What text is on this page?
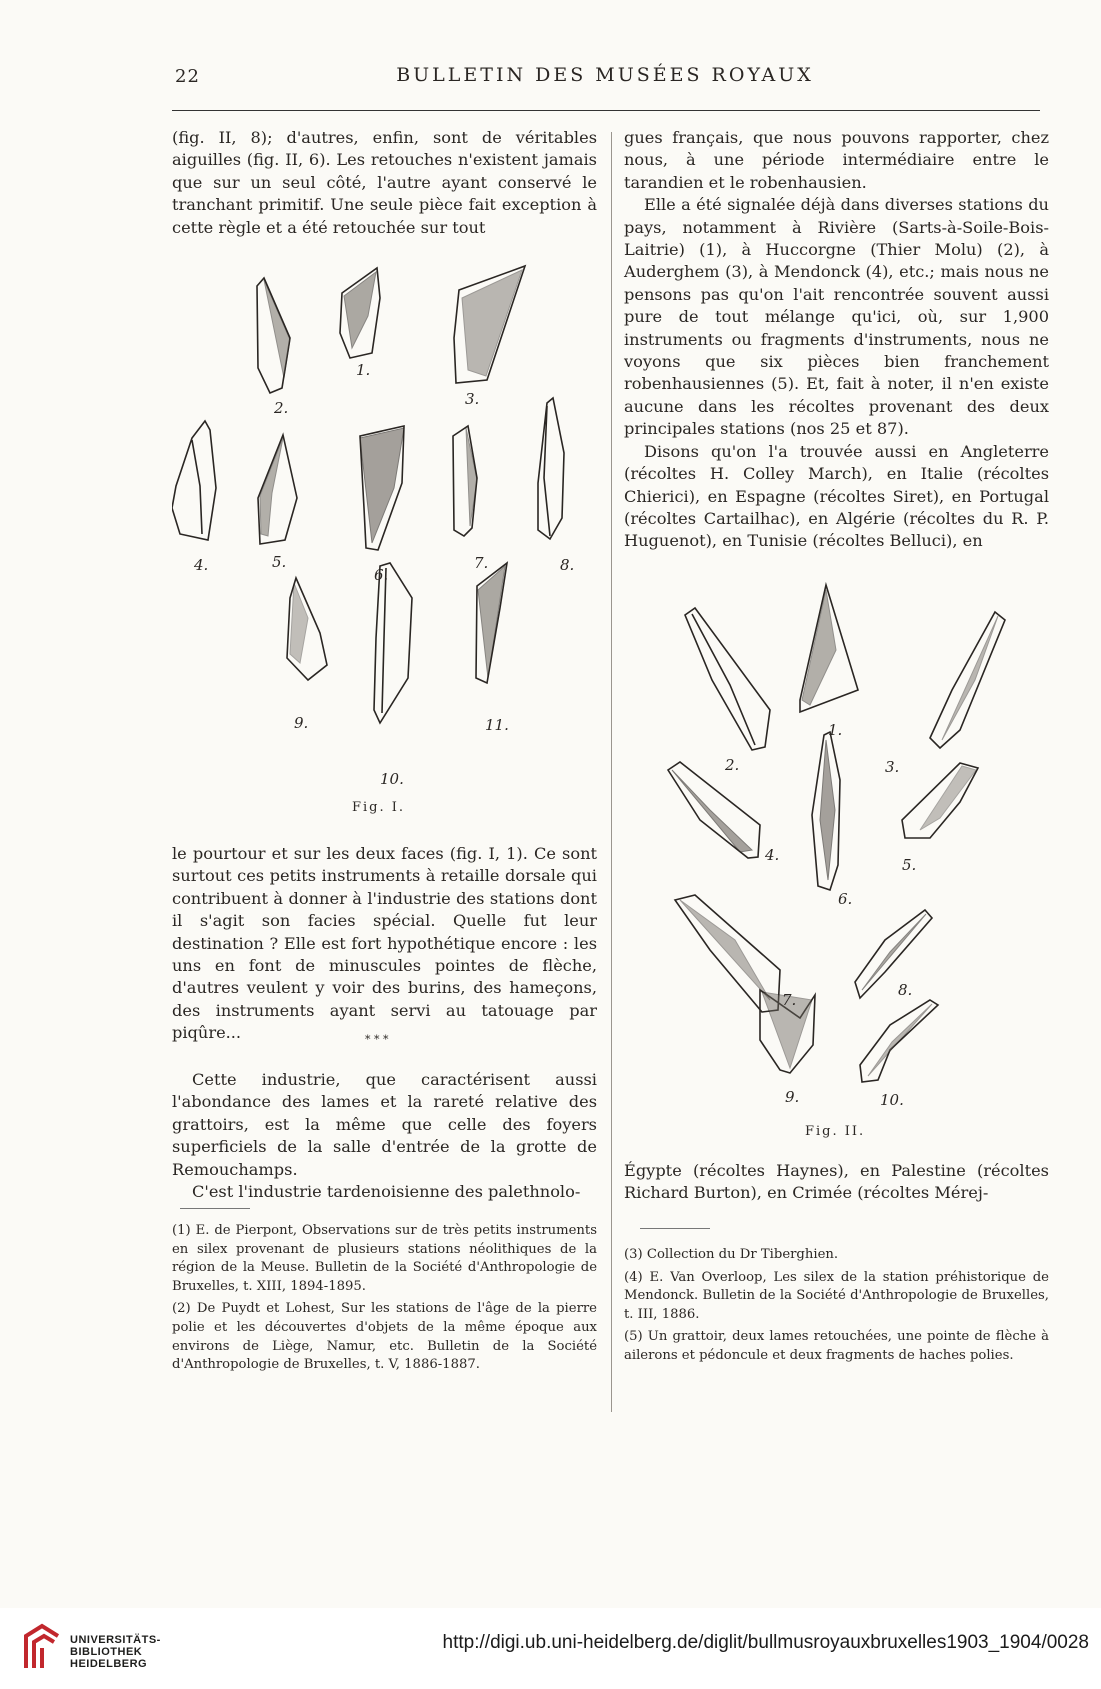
22	BULLETIN DES MUSÉES ROYAUX

(fig. II, 8); d'autres, enfin, sont de véritables aiguilles (fig. II, 6). Les retouches n'existent jamais que sur un seul côté, l'autre ayant conservé le tranchant primitif. Une seule pièce fait exception à cette règle et a été retouchée sur tout

1.
2.	3.
4.	5.
6.
7.	8.
9.
10.
11.
Fig. I.

le pourtour et sur les deux faces (fig. I, 1). Ce sont surtout ces petits instruments à retaille dorsale qui contribuent à donner à l'industrie des stations dont il s'agit son facies spécial. Quelle fut leur destination ? Elle est fort hypothétique encore : les uns en font de minuscules pointes de flèche, d'autres veulent y voir des burins, des hameçons, des instruments ayant servi au tatouage par piqûre...	* * *

Cette industrie, que caractérisent aussi l'abondance des lames et la rareté relative des grattoirs, est la même que celle des foyers superficiels de la salle d'entrée de la grotte de Remouchamps.

C'est l'industrie tardenoisienne des palethnolo-

(1) E. de Pierpont, Observations sur de très petits instruments en silex provenant de plusieurs stations néolithiques de la région de la Meuse. Bulletin de la Société d'Anthropologie de Bruxelles, t. XIII, 1894-1895.

(2) De Puydt et Lohest, Sur les stations de l'âge de la pierre polie et les découvertes d'objets de la même époque aux environs de Liège, Namur, etc. Bulletin de la Société d'Anthropologie de Bruxelles, t. V, 1886-1887.

gues français, que nous pouvons rapporter, chez nous, à une période intermédiaire entre le tarandien et le robenhausien.

Elle a été signalée déjà dans diverses stations du pays, notamment à Rivière (Sarts-à-Soile-Bois-Laitrie) (1), à Huccorgne (Thier Molu) (2), à Auderghem (3), à Mendonck (4), etc.; mais nous ne pensons pas qu'on l'ait rencontrée souvent aussi pure de tout mélange qu'ici, où, sur 1,900 instruments ou fragments d'instruments, nous ne voyons que six pièces bien franchement robenhausiennes (5). Et, fait à noter, il n'en existe aucune dans les récoltes provenant des deux principales stations (nos 25 et 87).

Disons qu'on l'a trouvée aussi en Angleterre (récoltes H. Colley March), en Italie (récoltes Chierici), en Espagne (récoltes Siret), en Portugal (récoltes Cartailhac), en Algérie (récoltes du R. P. Huguenot), en Tunisie (récoltes Belluci), en

1.
2.	3.
4.
5.
6.
7.
8.
9.	10.
Fig. II.

Égypte (récoltes Haynes), en Palestine (récoltes Richard Burton), en Crimée (récoltes Mérej-

(3) Collection du Dr Tiberghien.

(4) E. Van Overloop, Les silex de la station préhistorique de Mendonck. Bulletin de la Société d'Anthropologie de Bruxelles, t. III, 1886.

(5) Un grattoir, deux lames retouchées, une pointe de flèche à ailerons et pédoncule et deux fragments de haches polies.

UNIVERSITÄTS-
BIBLIOTHEK
HEIDELBERG
http://digi.ub.uni-heidelberg.de/diglit/bullmusroyauxbruxelles1903_1904/0028
